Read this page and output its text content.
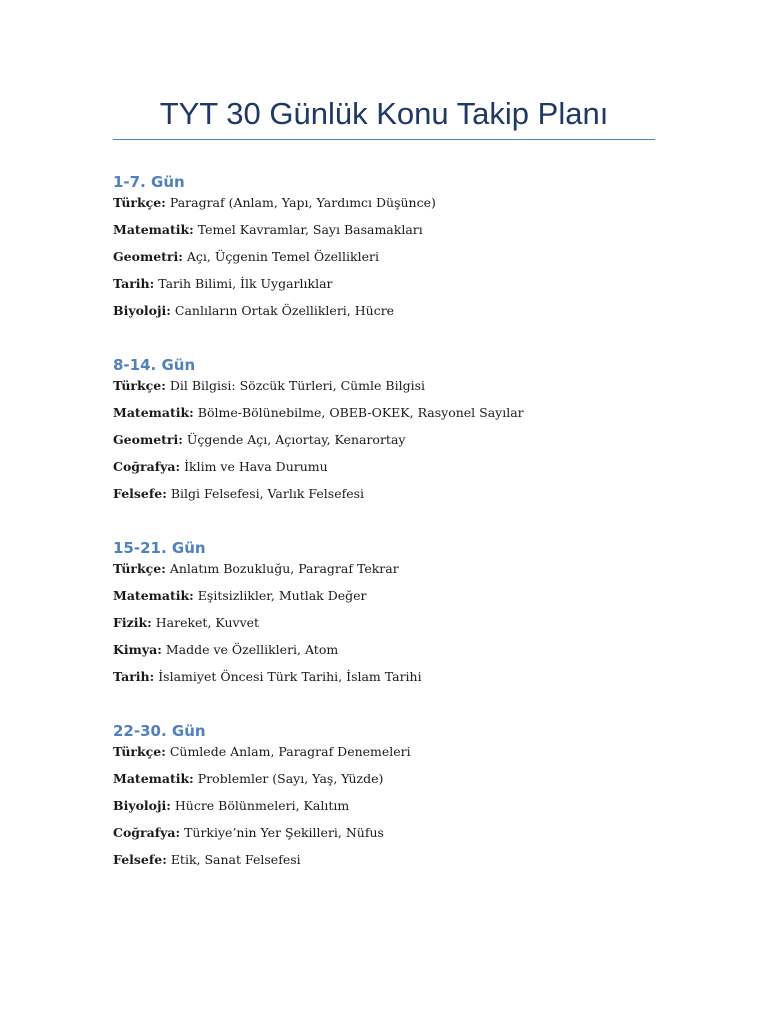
TYT 30 Günlük Konu Takip Planı
1-7. Gün
Türkçe: Paragraf (Anlam, Yapı, Yardımcı Düşünce)
Matematik: Temel Kavramlar, Sayı Basamakları
Geometri: Açı, Üçgenin Temel Özellikleri
Tarih: Tarih Bilimi, İlk Uygarlıklar
Biyoloji: Canlıların Ortak Özellikleri, Hücre
8-14. Gün
Türkçe: Dil Bilgisi: Sözcük Türleri, Cümle Bilgisi
Matematik: Bölme-Bölünebilme, OBEB-OKEK, Rasyonel Sayılar
Geometri: Üçgende Açı, Açıortay, Kenarortay
Coğrafya: İklim ve Hava Durumu
Felsefe: Bilgi Felsefesi, Varlık Felsefesi
15-21. Gün
Türkçe: Anlatım Bozukluğu, Paragraf Tekrar
Matematik: Eşitsizlikler, Mutlak Değer
Fizik: Hareket, Kuvvet
Kimya: Madde ve Özellikleri, Atom
Tarih: İslamiyet Öncesi Türk Tarihi, İslam Tarihi
22-30. Gün
Türkçe: Cümlede Anlam, Paragraf Denemeleri
Matematik: Problemler (Sayı, Yaş, Yüzde)
Biyoloji: Hücre Bölünmeleri, Kalıtım
Coğrafya: Türkiye’nin Yer Şekilleri, Nüfus
Felsefe: Etik, Sanat Felsefesi
